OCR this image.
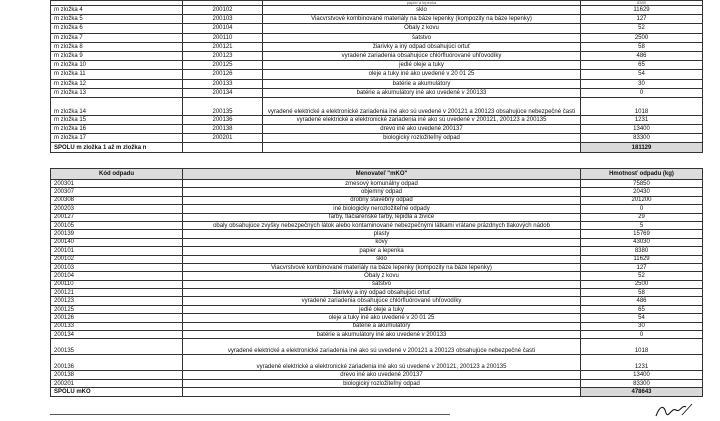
		papier a lepenka	8380
m zložka 4	200102	sklo	11629
m zložka 5	200103	Viacvrstvové kombinované materiály na báze lepenky (kompozity na báze lepenky)	127
m zložka 6	200104	Obaly z kovu	52
m zložka 7	200110	šatstvo	2500
m zložka 8	200121	žiarivky a iný odpad obsahujúci ortuť	58
m zložka 9	200123	vyradené zariadenia obsahujúce chlórfluórované uhľovodíky	486
m zložka 10	200125	jedlé oleje a tuky	65
m zložka 11	200126	oleje a tuky iné ako uvedené v 20 01 25	54
m zložka 12	200133	batérie a akumulátory	30
m zložka 13	200134	batérie a akumulátory iné ako uvedené v 200133	0
m zložka 14	200135	vyradené elektrické a elektronické zariadenia iné ako sú uvedené v 200121 a 200123 obsahujúce nebezpečné časti	1018
m zložka 15	200136	vyradené elektrické a elektronické zariadenia iné ako sú uvedené v 200121, 200123 a 200135	1231
m zložka 16	200138	drevo iné ako uvedené 200137	13400
m zložka 17	200201	biologický rozložiteľný odpad	83300
SPOLU m zložka 1 až m zložka n			181129
Kód odpadu	Menovateľ "mKO"	Hmotnosť odpadu (kg)
200301	zmesový komunálny odpad	75850
200307	objemný odpad	20430
200308	drobný stavebný odpad	201200
200203	iné biologicky nerozložiteľné odpady	0
200127	farby, tlačiarenské farby, lepidlá a živice	29
200105	obaly obsahujúce zvyšky nebezpečných látok alebo kontaminované nebezpečnými látkami vrátane prázdnych tlakových nádob	5
200139	plasty	15769
200140	kovy	43030
200101	papier a lepenka	8380
200102	sklo	11629
200103	Viacvrstvové kombinované materiály na báze lepenky (kompozity na báze lepenky)	127
200104	Obaly z kovu	52
200110	šatstvo	2500
200121	žiarivky a iný odpad obsahujúci ortuť	58
200123	vyradené zariadenia obsahujúce chlórfluórované uhľovodíky	486
200125	jedlé oleje a tuky	65
200126	oleje a tuky iné ako uvedené v 20 01 25	54
200133	batérie a akumulátory	30
200134	batérie a akumulátory iné ako uvedené v 200133	0
200135	vyradené elektrické a elektronické zariadenia iné ako sú uvedené v 200121 a 200123 obsahujúce nebezpečné časti	1018
200136	vyradené elektrické a elektronické zariadenia iné ako sú uvedené v 200121, 200123 a 200135	1231
200138	drevo iné ako uvedené 200137	13400
200201	biologický rozložiteľný odpad	83300
SPOLU mKO		478643
